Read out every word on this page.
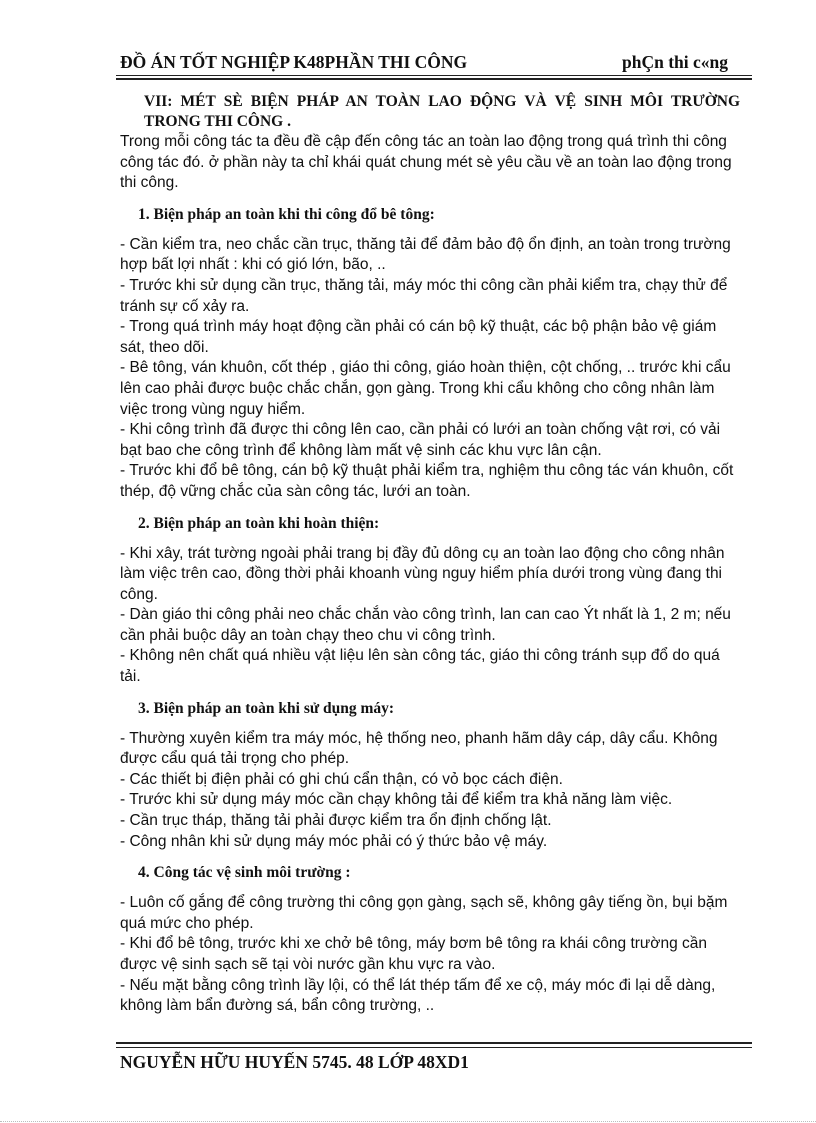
ĐỒ ÁN TỐT NGHIỆP K48PHẦN THI CÔNG	phÇn thi c«ng

VII: MÉT SÈ BIỆN PHÁP AN TOÀN LAO ĐỘNG VÀ VỆ SINH MÔI TRƯỜNG TRONG THI CÔNG .

Trong mỗi công tác ta đều đề cập đến công tác an toàn lao động trong quá trình thi công công tác đó. ở phần này ta chỉ khái quát chung mét sè yêu cầu về an toàn lao động trong thi công.

1. Biện pháp an toàn khi thi công đổ bê tông:

- Cần kiểm tra, neo chắc cần trục, thăng tải để đảm bảo độ ổn định, an toàn trong trường hợp bất lợi nhất : khi có gió lớn, bão, ..

- Trước khi sử dụng cần trục, thăng tải, máy móc thi công cần phải kiểm tra, chạy thử để tránh sự cố xảy ra.

- Trong quá trình máy hoạt động cần phải có cán bộ kỹ thuật, các bộ phận bảo vệ giám sát, theo dõi.

- Bê tông, ván khuôn, cốt thép , giáo thi công, giáo hoàn thiện, cột chống, .. trước khi cẩu lên cao phải được buộc chắc chắn, gọn gàng. Trong khi cẩu không cho công nhân làm việc trong vùng nguy hiểm.

- Khi công trình đã được thi công lên cao, cần phải có lưới an toàn chống vật rơi, có vải bạt bao che công trình để không làm mất vệ sinh các khu vực lân cận.

- Trước khi đổ bê tông, cán bộ kỹ thuật phải kiểm tra, nghiệm thu công tác ván khuôn, cốt thép, độ vững chắc của sàn công tác, lưới an toàn.

2. Biện pháp an toàn khi hoàn thiện:

- Khi xây, trát tường ngoài phải trang bị đầy đủ dông cụ an toàn lao động cho công nhân làm việc trên cao, đồng thời phải khoanh vùng nguy hiểm phía dưới trong vùng đang thi công.

- Dàn giáo thi công phải neo chắc chắn vào công trình, lan can cao Ýt nhất là 1, 2 m; nếu cần phải buộc dây an toàn chạy theo chu vi công trình.

- Không nên chất quá nhiều vật liệu lên sàn công tác, giáo thi công tránh sụp đổ do quá tải.

3. Biện pháp an toàn khi sử dụng máy:

- Thường xuyên kiểm tra máy móc, hệ thống neo, phanh hãm dây cáp, dây cẩu. Không được cẩu quá tải trọng cho phép.

- Các thiết bị điện phải có ghi chú cẩn thận, có vỏ bọc cách điện.

- Trước khi sử dụng máy móc cần chạy không tải để kiểm tra khả năng làm việc.

- Cần trục tháp, thăng tải phải được kiểm tra ổn định chống lật.

- Công nhân khi sử dụng máy móc phải có ý thức bảo vệ máy.

4. Công tác vệ sinh môi trường :

- Luôn cố gắng để công trường thi công gọn gàng, sạch sẽ, không gây tiếng ồn, bụi bặm quá mức cho phép.

- Khi đổ bê tông, trước khi xe chở bê tông, máy bơm bê tông ra khái công trường cần được vệ sinh sạch sẽ tại vòi nước gần khu vực ra vào.

- Nếu mặt bằng công trình lầy lội, có thể lát thép tấm để xe cộ, máy móc đi lại dễ dàng, không làm bẩn đường sá, bẩn công trường, ..

NGUYỄN HỮU HUYẾN 5745. 48 LỚP 48XD1
